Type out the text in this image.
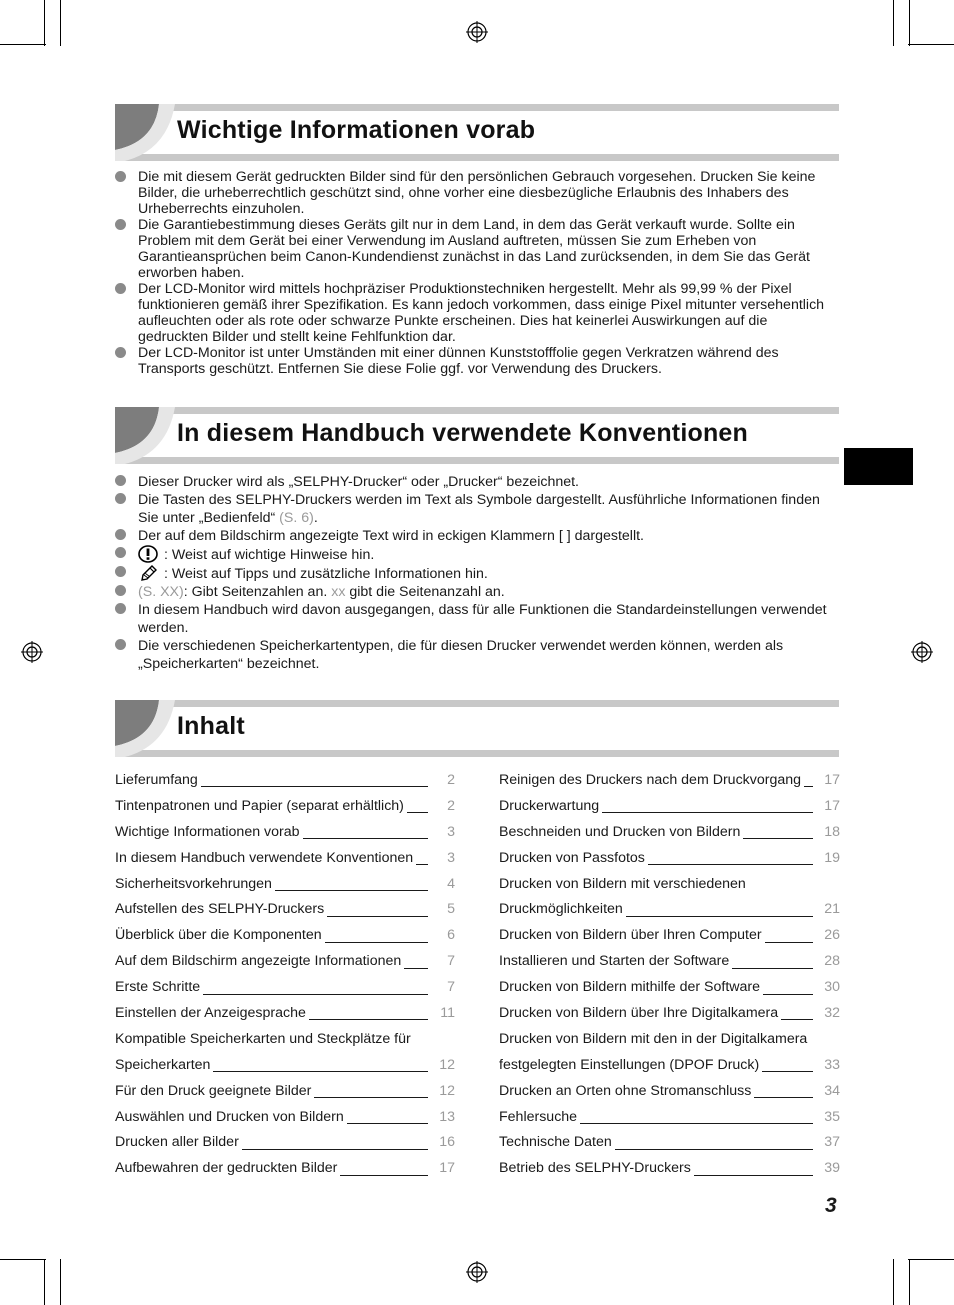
Wichtige Informationen vorab
Die mit diesem Gerät gedruckten Bilder sind für den persönlichen Gebrauch vorgesehen. Drucken Sie keine Bilder, die urheberrechtlich geschützt sind, ohne vorher eine diesbezügliche Erlaubnis des Inhabers des Urheberrechts einzuholen.
Die Garantiebestimmung dieses Geräts gilt nur in dem Land, in dem das Gerät verkauft wurde. Sollte ein Problem mit dem Gerät bei einer Verwendung im Ausland auftreten, müssen Sie zum Erheben von Garantieansprüchen beim Canon-Kundendienst zunächst in das Land zurücksenden, in dem Sie das Gerät erworben haben.
Der LCD-Monitor wird mittels hochpräziser Produktionstechniken hergestellt. Mehr als 99,99 % der Pixel funktionieren gemäß ihrer Spezifikation. Es kann jedoch vorkommen, dass einige Pixel mitunter versehentlich aufleuchten oder als rote oder schwarze Punkte erscheinen. Dies hat keinerlei Auswirkungen auf die gedruckten Bilder und stellt keine Fehlfunktion dar.
Der LCD-Monitor ist unter Umständen mit einer dünnen Kunststofffolie gegen Verkratzen während des Transports geschützt. Entfernen Sie diese Folie ggf. vor Verwendung des Druckers.
In diesem Handbuch verwendete Konventionen
Dieser Drucker wird als „SELPHY-Drucker“ oder „Drucker“ bezeichnet.
Die Tasten des SELPHY-Druckers werden im Text als Symbole dargestellt. Ausführliche Informationen finden Sie unter „Bedienfeld“ (S. 6).
Der auf dem Bildschirm angezeigte Text wird in eckigen Klammern [ ] dargestellt.
: Weist auf wichtige Hinweise hin.
: Weist auf Tipps und zusätzliche Informationen hin.
(S. XX): Gibt Seitenzahlen an. xx gibt die Seitenanzahl an.
In diesem Handbuch wird davon ausgegangen, dass für alle Funktionen die Standardeinstellungen verwendet werden.
Die verschiedenen Speicherkartentypen, die für diesen Drucker verwendet werden können, werden als „Speicherkarten“ bezeichnet.
Inhalt
Lieferumfang	2
Tintenpatronen und Papier (separat erhältlich)	2
Wichtige Informationen vorab	3
In diesem Handbuch verwendete Konventionen	3
Sicherheitsvorkehrungen	4
Aufstellen des SELPHY-Druckers	5
Überblick über die Komponenten	6
Auf dem Bildschirm angezeigte Informationen	7
Erste Schritte	7
Einstellen der Anzeigesprache	11
Kompatible Speicherkarten und Steckplätze für
Speicherkarten	12
Für den Druck geeignete Bilder	12
Auswählen und Drucken von Bildern	13
Drucken aller Bilder	16
Aufbewahren der gedruckten Bilder	17
Reinigen des Druckers nach dem Druckvorgang	17
Druckerwartung	17
Beschneiden und Drucken von Bildern	18
Drucken von Passfotos	19
Drucken von Bildern mit verschiedenen
Druckmöglichkeiten	21
Drucken von Bildern über Ihren Computer	26
Installieren und Starten der Software	28
Drucken von Bildern mithilfe der Software	30
Drucken von Bildern über Ihre Digitalkamera	32
Drucken von Bildern mit den in der Digitalkamera
festgelegten Einstellungen (DPOF Druck)	33
Drucken an Orten ohne Stromanschluss	34
Fehlersuche	35
Technische Daten	37
Betrieb des SELPHY-Druckers	39
3
